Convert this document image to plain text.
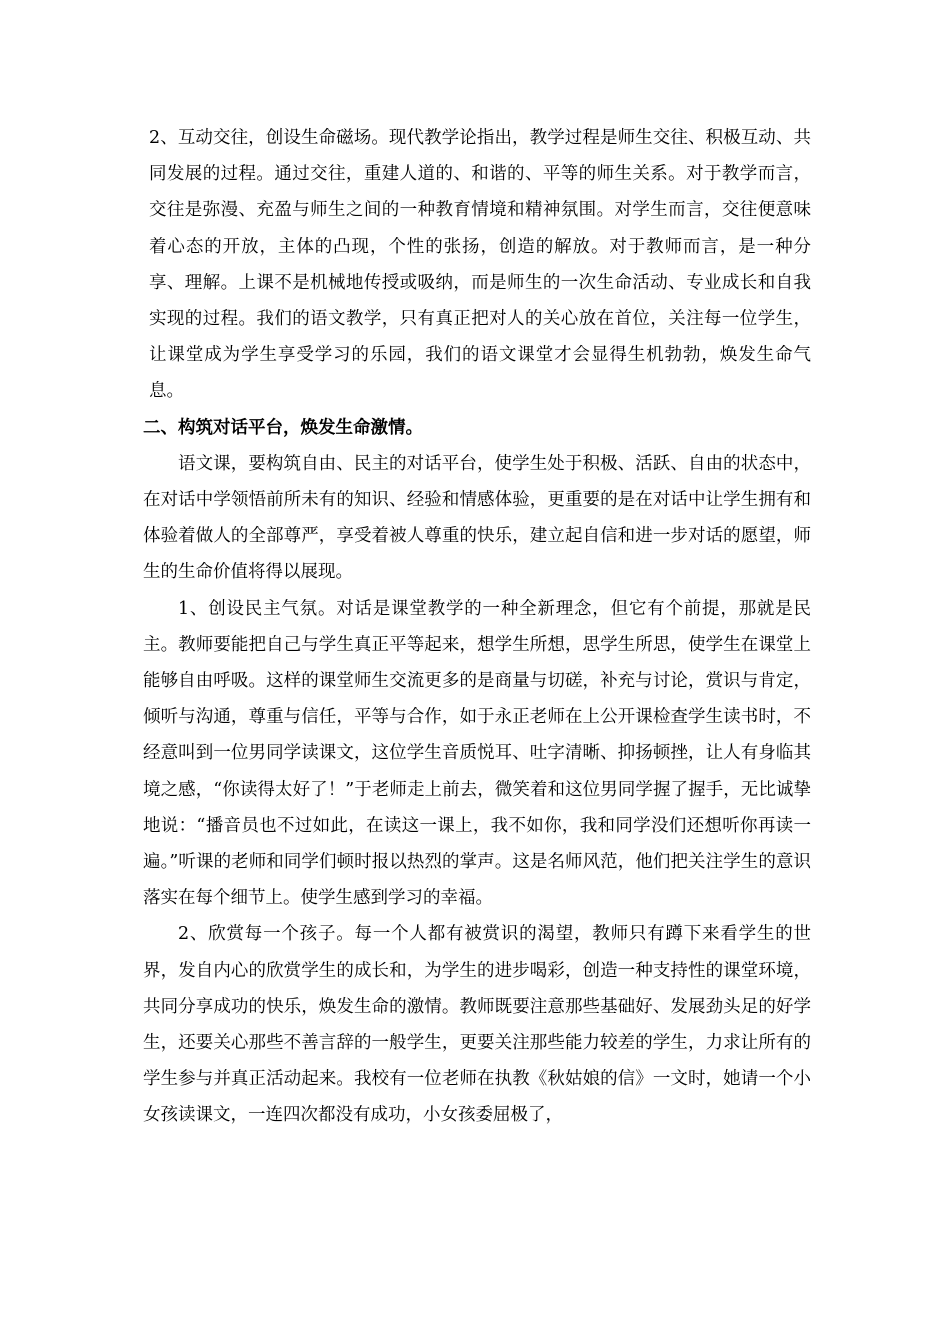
2、互动交往，创设生命磁场。现代教学论指出，教学过程是师生交往、积极互动、共同发展的过程。通过交往，重建人道的、和谐的、平等的师生关系。对于教学而言，交往是弥漫、充盈与师生之间的一种教育情境和精神氛围。对学生而言，交往便意味着心态的开放，主体的凸现，个性的张扬，创造的解放。对于教师而言，是一种分享、理解。上课不是机械地传授或吸纳，而是师生的一次生命活动、专业成长和自我实现的过程。我们的语文教学，只有真正把对人的关心放在首位，关注每一位学生，让课堂成为学生享受学习的乐园，我们的语文课堂才会显得生机勃勃，焕发生命气息。

二、构筑对话平台，焕发生命激情。

语文课，要构筑自由、民主的对话平台，使学生处于积极、活跃、自由的状态中，在对话中学领悟前所未有的知识、经验和情感体验，更重要的是在对话中让学生拥有和体验着做人的全部尊严，享受着被人尊重的快乐，建立起自信和进一步对话的愿望，师生的生命价值将得以展现。

1、创设民主气氛。对话是课堂教学的一种全新理念，但它有个前提，那就是民主。教师要能把自己与学生真正平等起来，想学生所想，思学生所思，使学生在课堂上能够自由呼吸。这样的课堂师生交流更多的是商量与切磋，补充与讨论，赏识与肯定，倾听与沟通，尊重与信任，平等与合作，如于永正老师在上公开课检查学生读书时，不经意叫到一位男同学读课文，这位学生音质悦耳、吐字清晰、抑扬顿挫，让人有身临其境之感，“你读得太好了！”于老师走上前去，微笑着和这位男同学握了握手，无比诚挚地说：“播音员也不过如此，在读这一课上，我不如你，我和同学没们还想听你再读一遍。”听课的老师和同学们顿时报以热烈的掌声。这是名师风范，他们把关注学生的意识落实在每个细节上。使学生感到学习的幸福。

2、欣赏每一个孩子。每一个人都有被赏识的渴望，教师只有蹲下来看学生的世界，发自内心的欣赏学生的成长和，为学生的进步喝彩，创造一种支持性的课堂环境，共同分享成功的快乐，焕发生命的激情。教师既要注意那些基础好、发展劲头足的好学生，还要关心那些不善言辞的一般学生，更要关注那些能力较差的学生，力求让所有的学生参与并真正活动起来。我校有一位老师在执教《秋姑娘的信》一文时，她请一个小女孩读课文，一连四次都没有成功，小女孩委屈极了，
